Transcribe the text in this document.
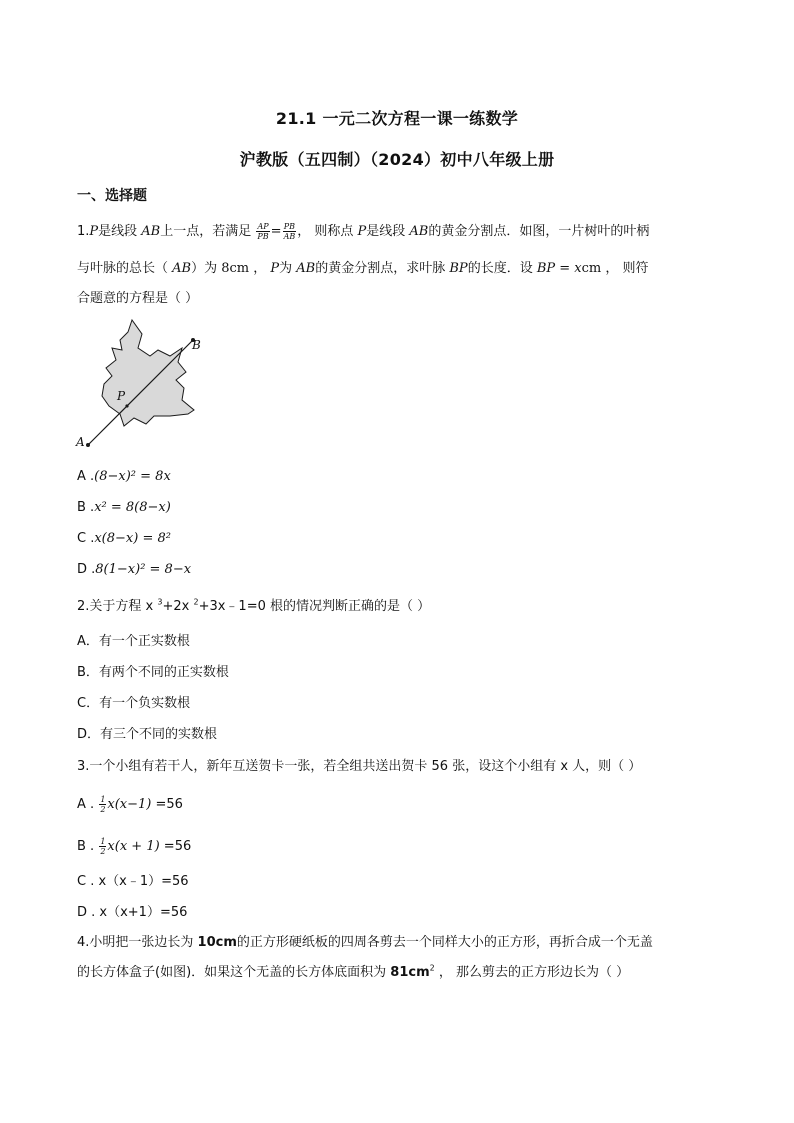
21.1 一元二次方程一课一练数学
沪教版（五四制）（2024）初中八年级上册
一、选择题
1.P是线段 AB上一点，若满足 $\frac{AP}{PB} = \frac{PB}{AB}$ ， 则称点 P是线段 AB的黄金分割点．如图，一片树叶的叶柄
与叶脉的总长（ AB）为 8cm ， P为 AB的黄金分割点，求叶脉 BP的长度．设 BP = xcm ， 则符
合题意的方程是（ ）
A
B
P
A .(8−x)² = 8x
B .x² = 8(8−x)
C .x(8−x) = 8²
D .8(1−x)² = 8−x
2.关于方程 x $^3$+2x $^2$+3x﹣1=0 根的情况判断正确的是（ ）
A．有一个正实数根
B．有两个不同的正实数根
C．有一个负实数根
D．有三个不同的实数根
3.一个小组有若干人，新年互送贺卡一张，若全组共送出贺卡 56 张，设这个小组有 x 人，则（ ）
A . $\frac{1}{2} x(x-1) =56$
B . $\frac{1}{2} x(x + 1) =56$
C . x（x﹣1）=56
D . x（x+1）=56
4.小明把一张边长为 10cm的正方形硬纸板的四周各剪去一个同样大小的正方形，再折合成一个无盖
的长方体盒子(如图)．如果这个无盖的长方体底面积为 $81cm^2$ ， 那么剪去的正方形边长为（ ）
